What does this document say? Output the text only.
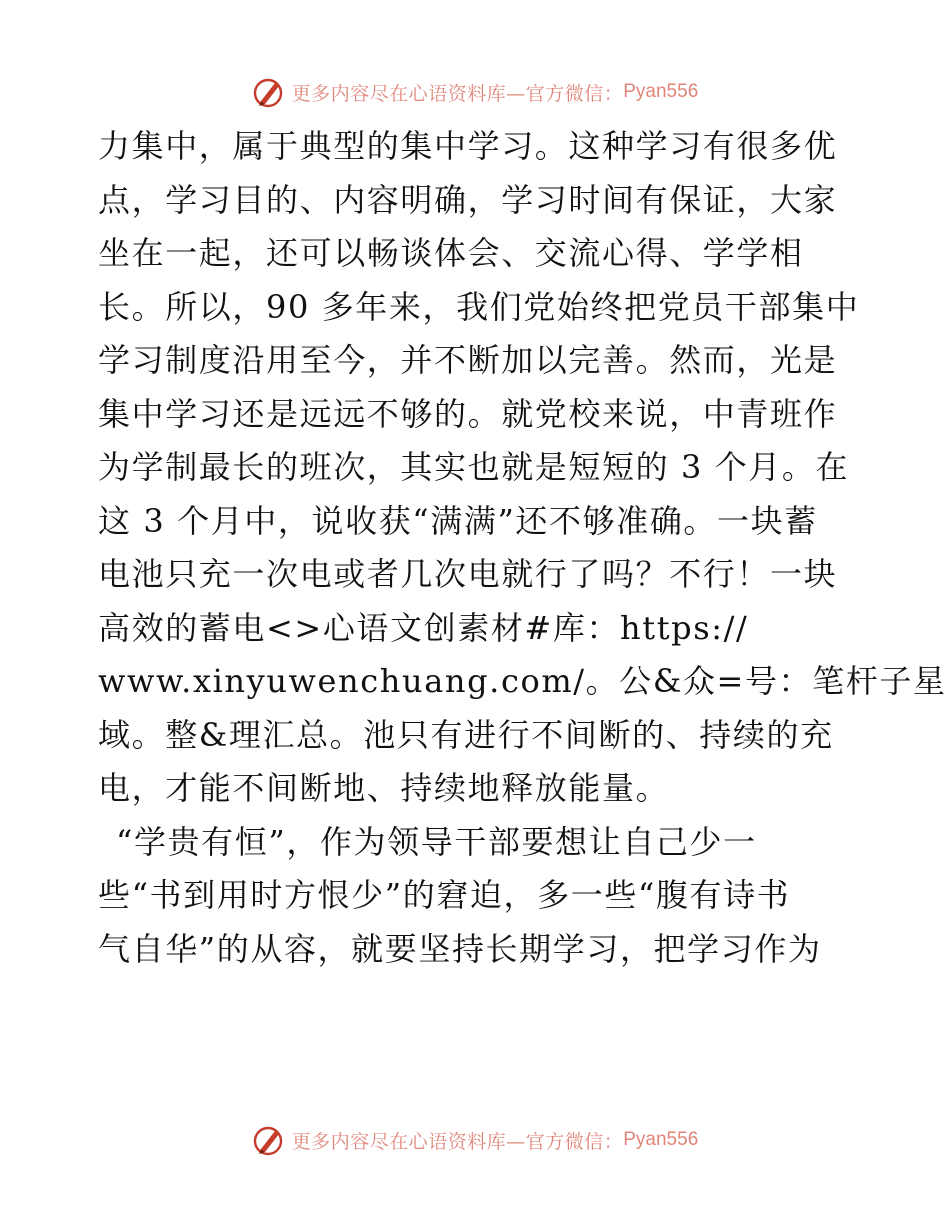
更多内容尽在心语资料库—官方微信： Pyan556
力集中，属于典型的集中学习。这种学习有很多优
点，学习目的、内容明确，学习时间有保证，大家
坐在一起，还可以畅谈体会、交流心得、学学相
长。所以，90 多年来，我们党始终把党员干部集中
学习制度沿用至今，并不断加以完善。然而，光是
集中学习还是远远不够的。就党校来说，中青班作
为学制最长的班次，其实也就是短短的 3 个月。在
这 3 个月中，说收获“满满”还不够准确。一块蓄
电池只充一次电或者几次电就行了吗？不行！一块
高效的蓄电<>心语文创素材#库：https://
www.xinyuwenchuang.com/。公&众=号：笔杆子星
域。整&理汇总。池只有进行不间断的、持续的充
电，才能不间断地、持续地释放能量。
“学贵有恒”，作为领导干部要想让自己少一
些“书到用时方恨少”的窘迫，多一些“腹有诗书
气自华”的从容，就要坚持长期学习，把学习作为
更多内容尽在心语资料库—官方微信： Pyan556
